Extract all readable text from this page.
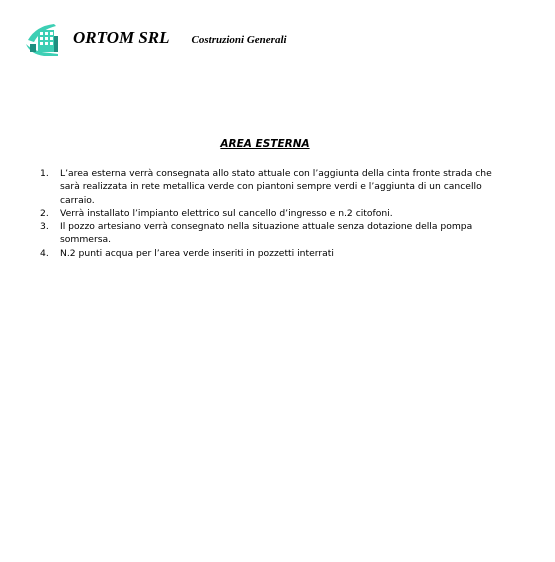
ORTOM SRL Costruzioni Generali
AREA ESTERNA
1.	L’area esterna verrà consegnata allo stato attuale con l’aggiunta della cinta fronte strada che sarà realizzata in rete metallica verde con piantoni sempre verdi e l’aggiunta di un cancello carraio.
2.	Verrà installato l’impianto elettrico sul cancello d’ingresso e n.2 citofoni.
3.	Il pozzo artesiano verrà consegnato nella situazione attuale senza dotazione della pompa sommersa.
4.	N.2 punti acqua per l’area verde inseriti in pozzetti interrati
